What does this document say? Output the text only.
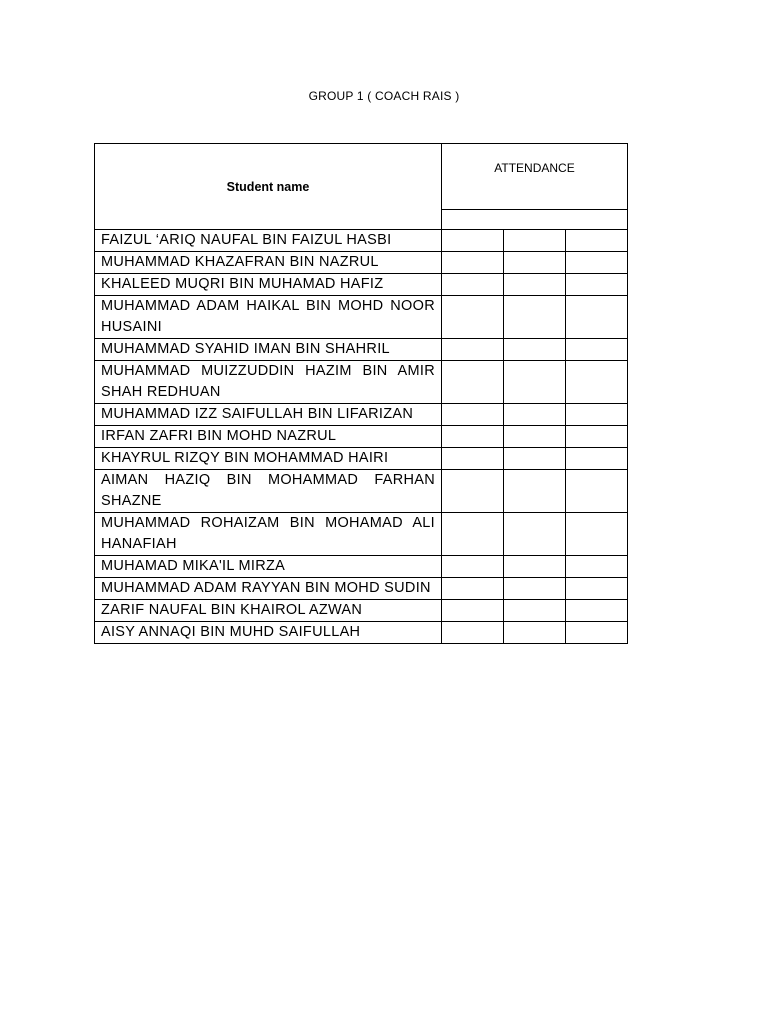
GROUP 1 ( COACH RAIS )
Student name	ATTENDANCE		

FAIZUL ‘ARIQ NAUFAL BIN FAIZUL HASBI			
MUHAMMAD KHAZAFRAN BIN NAZRUL			
KHALEED MUQRI BIN MUHAMAD HAFIZ			
MUHAMMAD ADAM HAIKAL BIN MOHD NOOR HUSAINI			
MUHAMMAD SYAHID IMAN BIN SHAHRIL			
MUHAMMAD MUIZZUDDIN HAZIM BIN AMIR SHAH REDHUAN			
MUHAMMAD IZZ SAIFULLAH BIN LIFARIZAN			
IRFAN ZAFRI BIN MOHD NAZRUL			
KHAYRUL RIZQY BIN MOHAMMAD HAIRI			
AIMAN HAZIQ BIN MOHAMMAD FARHAN SHAZNE			
MUHAMMAD ROHAIZAM BIN MOHAMAD ALI HANAFIAH			
MUHAMAD MIKA'IL MIRZA			
MUHAMMAD ADAM RAYYAN BIN MOHD SUDIN			
ZARIF NAUFAL BIN KHAIROL AZWAN			
AISY ANNAQI BIN MUHD SAIFULLAH			
